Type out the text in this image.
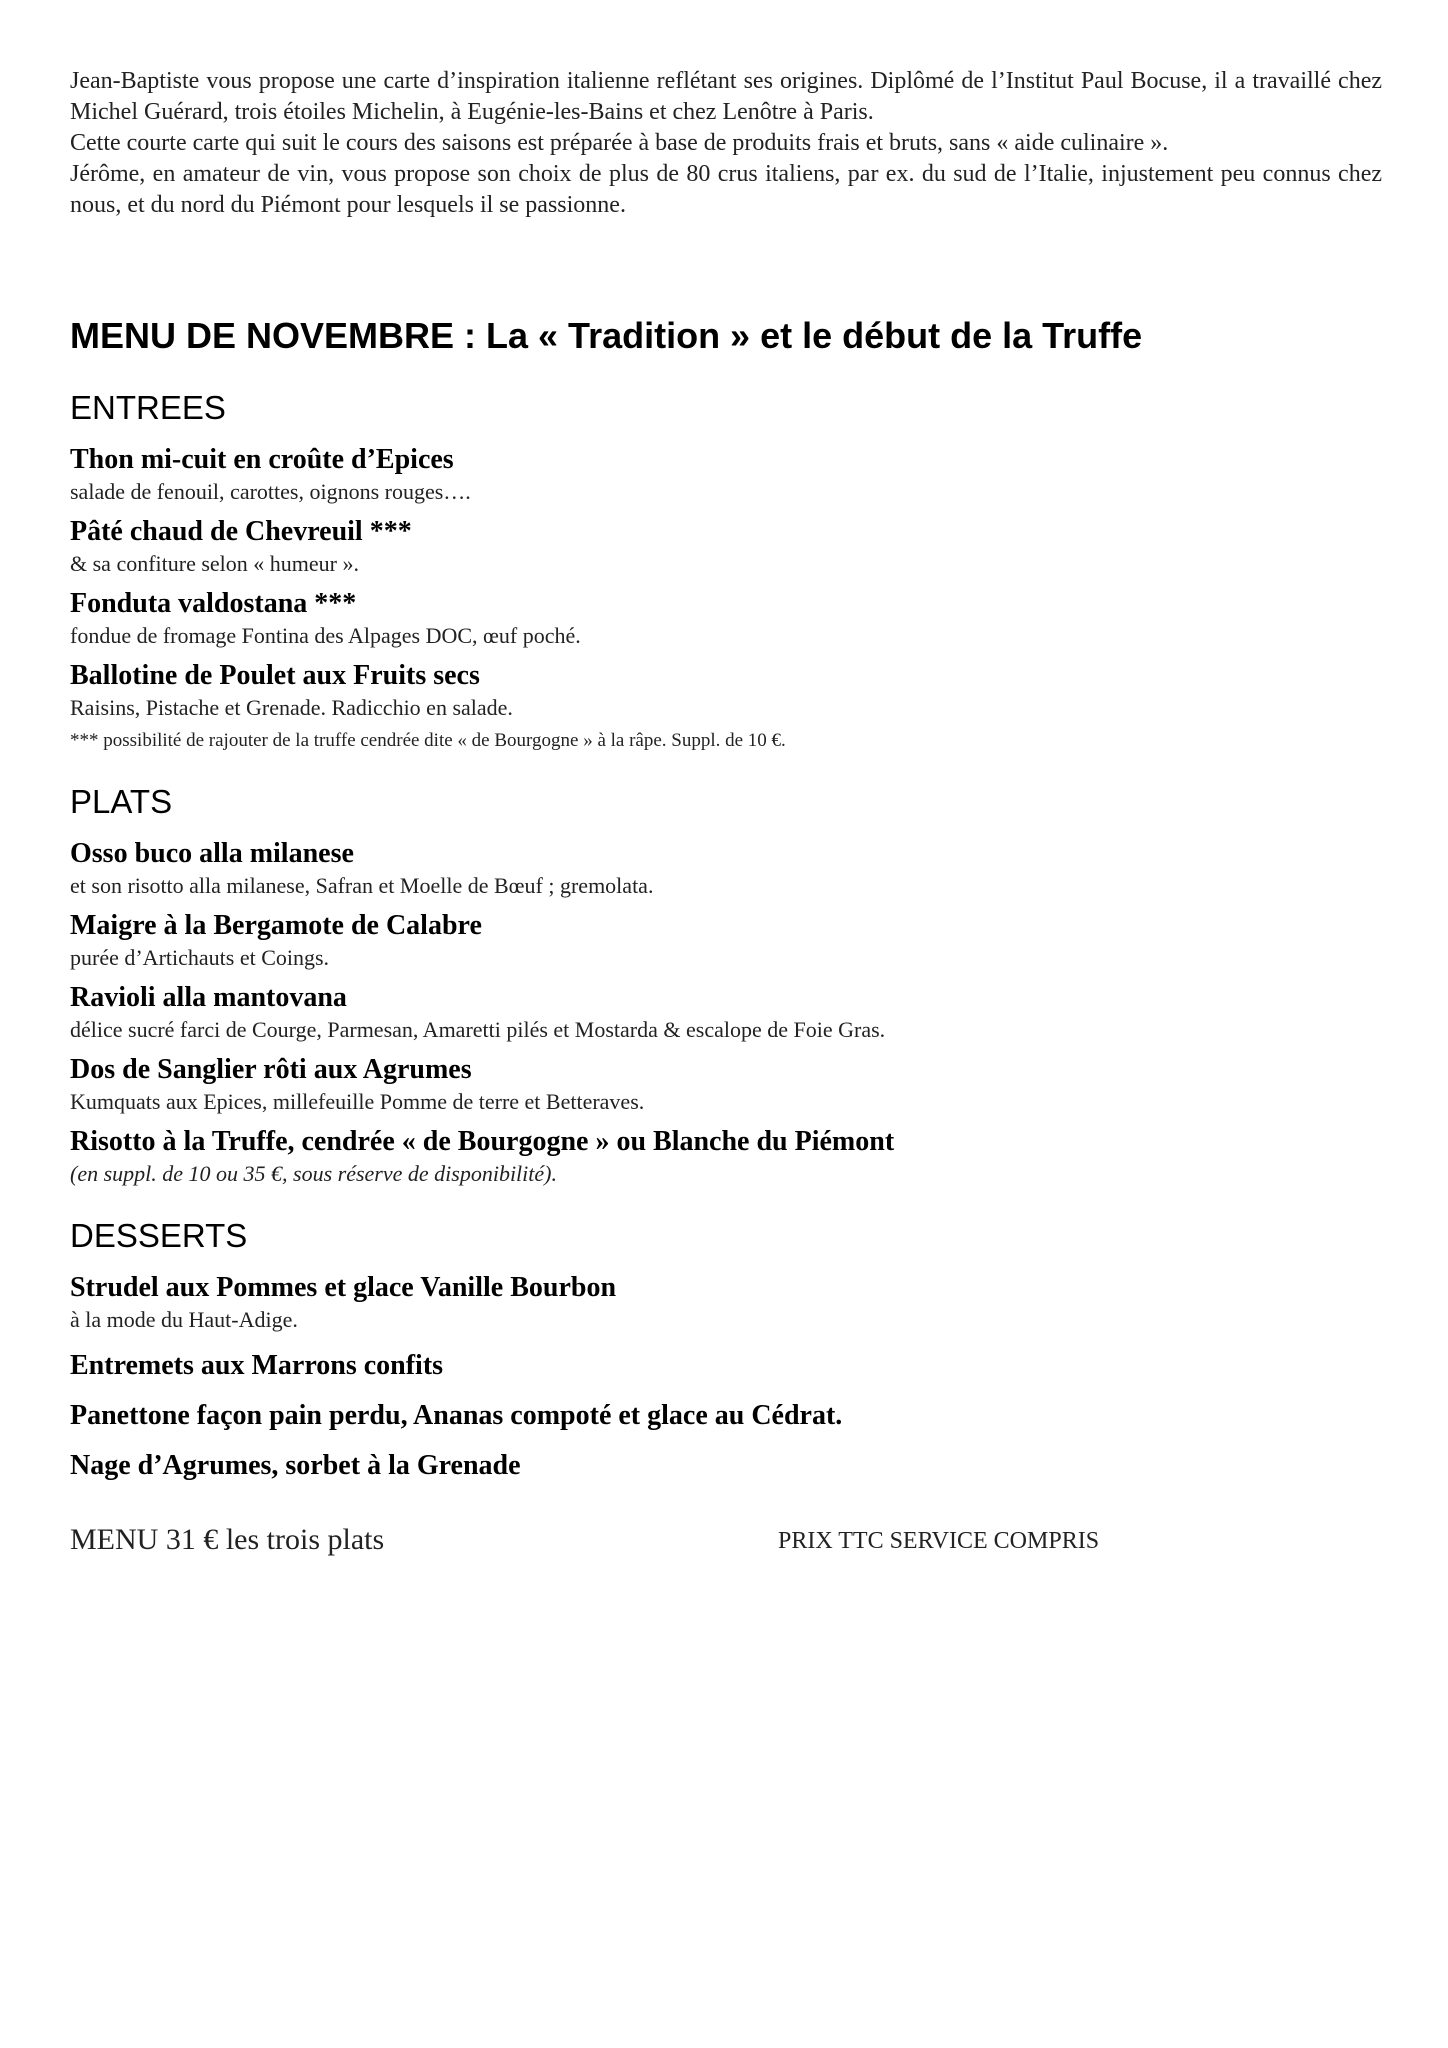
Jean-Baptiste vous propose une carte d’inspiration italienne reflétant ses origines. Diplômé de l’Institut Paul Bocuse, il a travaillé chez Michel Guérard, trois étoiles Michelin, à Eugénie-les-Bains et chez Lenôtre à Paris.

Cette courte carte qui suit le cours des saisons est préparée à base de produits frais et bruts, sans « aide culinaire ».

Jérôme, en amateur de vin, vous propose son choix de plus de 80 crus italiens, par ex. du sud de l’Italie, injustement peu connus chez nous, et du nord du Piémont pour lesquels il se passionne.

MENU DE NOVEMBRE : La « Tradition » et le début de la Truffe
ENTREES

Thon mi-cuit en croûte d’Epices

salade de fenouil, carottes, oignons rouges….

Pâté chaud de Chevreuil ***

& sa confiture selon « humeur ».

Fonduta valdostana ***

fondue de fromage Fontina des Alpages DOC, œuf poché.

Ballotine de Poulet aux Fruits secs

Raisins, Pistache et Grenade. Radicchio en salade.

*** possibilité de rajouter de la truffe cendrée dite « de Bourgogne » à la râpe. Suppl. de 10 €.

PLATS

Osso buco alla milanese

et son risotto alla milanese, Safran et Moelle de Bœuf ; gremolata.

Maigre à la Bergamote de Calabre

purée d’Artichauts et Coings.

Ravioli alla mantovana

délice sucré farci de Courge, Parmesan, Amaretti pilés et Mostarda & escalope de Foie Gras.

Dos de Sanglier rôti aux Agrumes

Kumquats aux Epices, millefeuille Pomme de terre et Betteraves.

Risotto à la Truffe, cendrée « de Bourgogne » ou Blanche du Piémont

(en suppl. de 10 ou 35 €, sous réserve de disponibilité).

DESSERTS

Strudel aux Pommes et glace Vanille Bourbon

à la mode du Haut-Adige.

Entremets aux Marrons confits

Panettone façon pain perdu, Ananas compoté et glace au Cédrat.

Nage d’Agrumes, sorbet à la Grenade

MENU 31 € les trois plats	PRIX TTC SERVICE COMPRIS
